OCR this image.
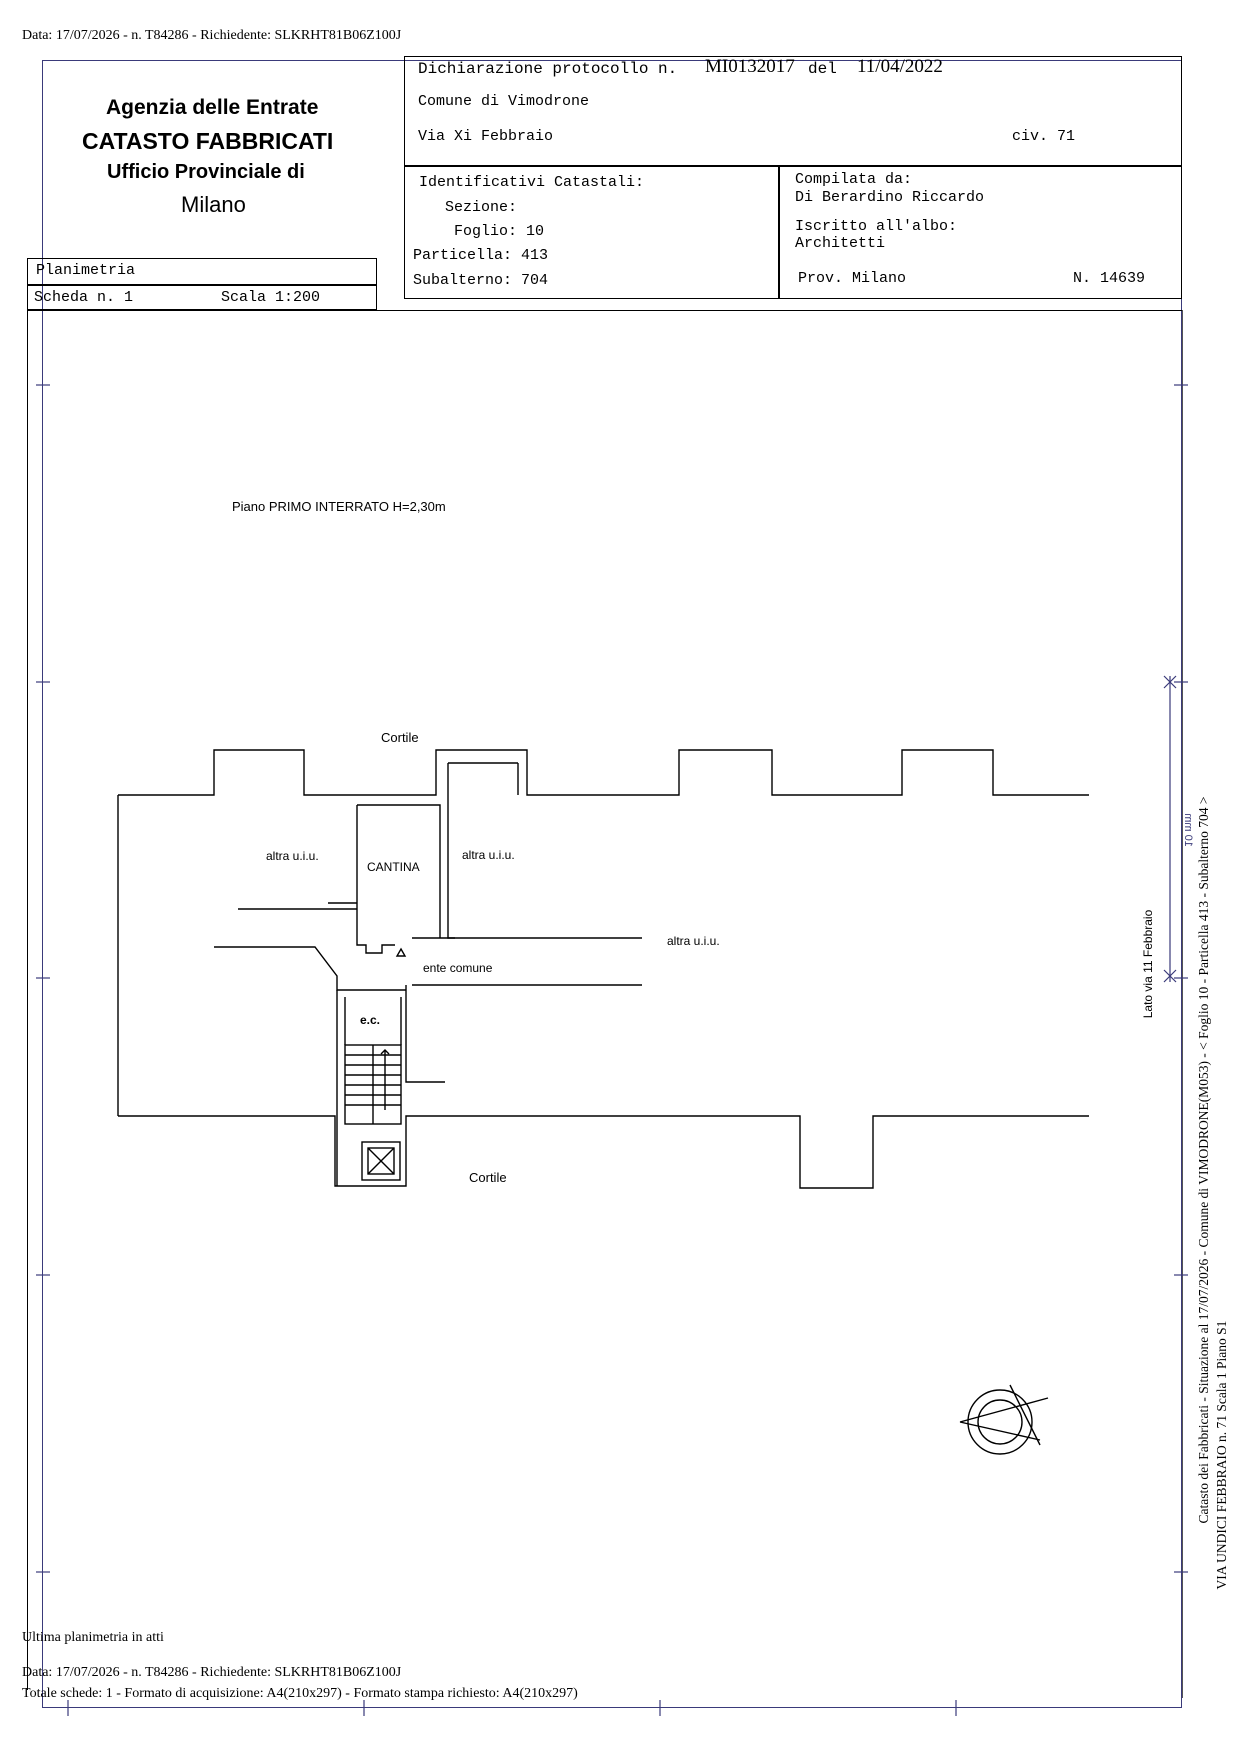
Data: 17/07/2026 - n. T84286 - Richiedente: SLKRHT81B06Z100J
Agenzia delle Entrate
CATASTO FABBRICATI
Ufficio Provinciale di
Milano
Dichiarazione protocollo n. MI0132017 del 11/04/2022
Comune di Vimodrone
Via Xi Febbraio	civ. 71
Identificativi Catastali:
Sezione:
Foglio: 10
Particella: 413
Subalterno: 704
Compilata da:
Di Berardino Riccardo
Iscritto all'albo:
Architetti
Prov. Milano	N. 14639
Planimetria
Scheda n. 1	Scala 1:200
Piano PRIMO INTERRATO H=2,30m
Cortile
Cortile
altra u.i.u.	altra u.i.u.
altra u.i.u.
CANTINA
ente comune
e.c.
Lato via 11 Febbraio
10 mm Catasto dei Fabbricati - Situazione al 17/07/2026 - Comune di VIMODRONE(M053) - < Foglio 10 - Particella 413 - Subalterno 704 > VIA UNDICI FEBBRAIO n. 71 Scala 1 Piano S1
Ultima planimetria in atti
Data: 17/07/2026 - n. T84286 - Richiedente: SLKRHT81B06Z100J
Totale schede: 1 - Formato di acquisizione: A4(210x297) - Formato stampa richiesto: A4(210x297)
